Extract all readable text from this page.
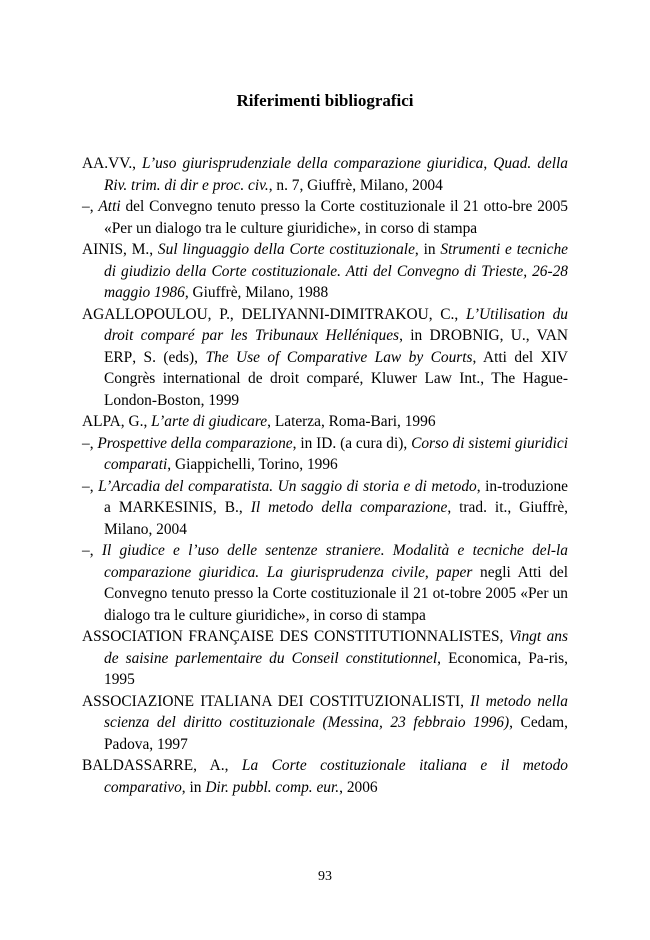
Riferimenti bibliografici

AA.VV., L’uso giurisprudenziale della comparazione giuridica, Quad. della Riv. trim. di dir e proc. civ., n. 7, Giuffrè, Milano, 2004

–, Atti del Convegno tenuto presso la Corte costituzionale il 21 otto-bre 2005 «Per un dialogo tra le culture giuridiche», in corso di stampa

AINIS, M., Sul linguaggio della Corte costituzionale, in Strumenti e tecniche di giudizio della Corte costituzionale. Atti del Convegno di Trieste, 26-28 maggio 1986, Giuffrè, Milano, 1988

AGALLOPOULOU, P., DELIYANNI-DIMITRAKOU, C., L’Utilisation du droit comparé par les Tribunaux Helléniques, in DROBNIG, U., VAN ERP, S. (eds), The Use of Comparative Law by Courts, Atti del XIV Congrès international de droit comparé, Kluwer Law Int., The Hague-London-Boston, 1999

ALPA, G., L’arte di giudicare, Laterza, Roma-Bari, 1996

–, Prospettive della comparazione, in ID. (a cura di), Corso di sistemi giuridici comparati, Giappichelli, Torino, 1996

–, L’Arcadia del comparatista. Un saggio di storia e di metodo, in-troduzione a MARKESINIS, B., Il metodo della comparazione, trad. it., Giuffrè, Milano, 2004

–, Il giudice e l’uso delle sentenze straniere. Modalità e tecniche del-la comparazione giuridica. La giurisprudenza civile, paper negli Atti del Convegno tenuto presso la Corte costituzionale il 21 ot-tobre 2005 «Per un dialogo tra le culture giuridiche», in corso di stampa

ASSOCIATION FRANÇAISE DES CONSTITUTIONNALISTES, Vingt ans de saisine parlementaire du Conseil constitutionnel, Economica, Pa-ris, 1995

ASSOCIAZIONE ITALIANA DEI COSTITUZIONALISTI, Il metodo nella scienza del diritto costituzionale (Messina, 23 febbraio 1996), Cedam, Padova, 1997

BALDASSARRE, A., La Corte costituzionale italiana e il metodo comparativo, in Dir. pubbl. comp. eur., 2006

93
